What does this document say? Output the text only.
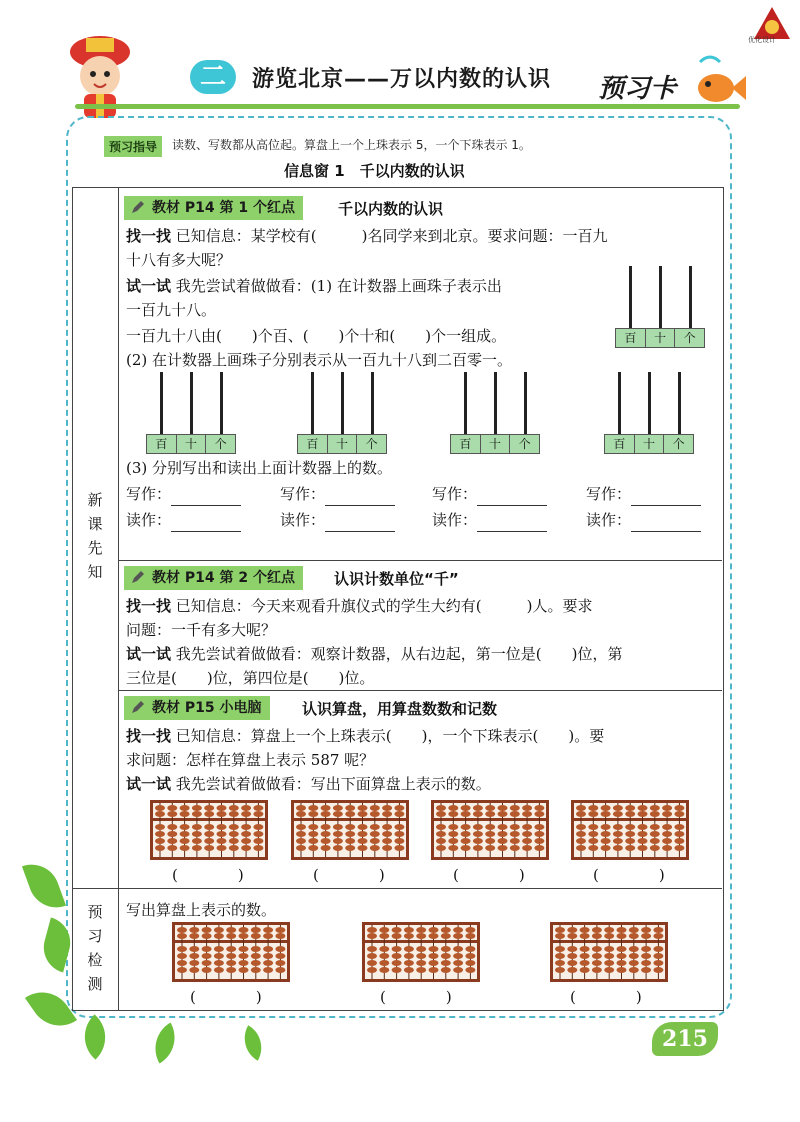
优化设计
二	游览北京——万以内数的认识 预习卡
预习指导	读数、写数都从高位起。算盘上一个上珠表示 5，一个下珠表示 1。
信息窗 1　千以内数的认识
新课先知
预习检测
教材 P14 第 1 个红点	千以内数的认识
找一找 已知信息：某学校有(　　　)名同学来到北京。要求问题：一百九
十八有多大呢？
试一试 我先尝试着做做看：(1) 在计数器上画珠子表示出
一百九十八。
一百九十八由(　　)个百、(　　)个十和(　　)个一组成。
(2) 在计数器上画珠子分别表示从一百九十八到二百零一。
百	十	个
百	十	个	百	十	个	百	十	个	百	十	个
(3) 分别写出和读出上面计数器上的数。
写作：	写作：	写作：	写作：
读作：	读作：	读作：	读作：
教材 P14 第 2 个红点	认识计数单位“千”
找一找 已知信息：今天来观看升旗仪式的学生大约有(　　　)人。要求
问题：一千有多大呢？
试一试 我先尝试着做做看：观察计数器，从右边起，第一位是(　　)位，第
三位是(　　)位，第四位是(　　)位。
教材 P15 小电脑	认识算盘，用算盘数数和记数
找一找 已知信息：算盘上一个上珠表示(　　)，一个下珠表示(　　)。要
求问题：怎样在算盘上表示 587 呢？
试一试 我先尝试着做做看：写出下面算盘上表示的数。
(　　　　)	(　　　　)	(　　　　)	(　　　　)
写出算盘上表示的数。
(　　　　)	(　　　　)	(　　　　)
215
